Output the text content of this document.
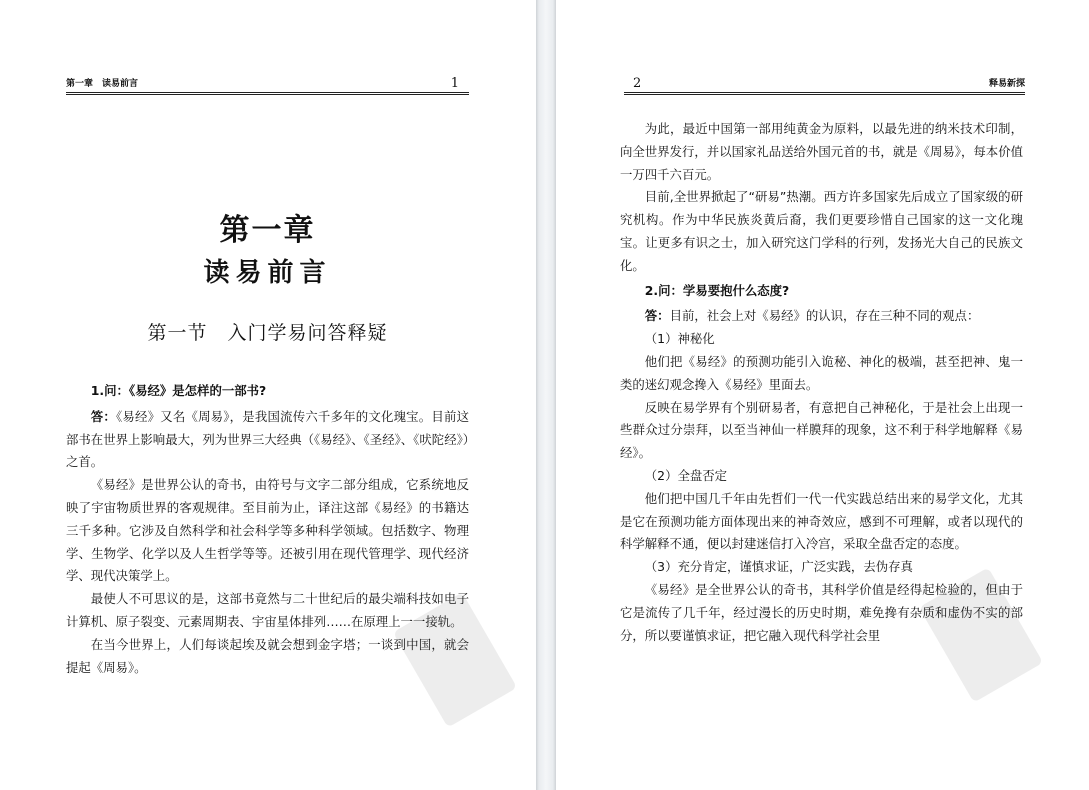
第一章　读易前言	1
第一章
读易前言
第一节　入门学易问答释疑

1.问：《易经》是怎样的一部书?

答：《易经》又名《周易》，是我国流传六千多年的文化瑰宝。目前这部书在世界上影响最大，列为世界三大经典（《易经》、《圣经》、《吠陀经》）之首。

《易经》是世界公认的奇书，由符号与文字二部分组成，它系统地反映了宇宙物质世界的客观规律。至目前为止，译注这部《易经》的书籍达三千多种。它涉及自然科学和社会科学等多种科学领域。包括数字、物理学、生物学、化学以及人生哲学等等。还被引用在现代管理学、现代经济学、现代决策学上。

最使人不可思议的是，这部书竟然与二十世纪后的最尖端科技如电子计算机、原子裂变、元素周期表、宇宙星体排列……在原理上一一接轨。

在当今世界上，人们每谈起埃及就会想到金字塔；一谈到中国，就会提起《周易》。

2	释易新探

为此，最近中国第一部用纯黄金为原料，以最先进的纳米技术印制，向全世界发行，并以国家礼品送给外国元首的书，就是《周易》，每本价值一万四千六百元。

目前,全世界掀起了“研易”热潮。西方许多国家先后成立了国家级的研究机构。作为中华民族炎黄后裔，我们更要珍惜自己国家的这一文化瑰宝。让更多有识之士，加入研究这门学科的行列，发扬光大自己的民族文化。

2.问：学易要抱什么态度?

答：目前，社会上对《易经》的认识，存在三种不同的观点：

（1）神秘化

他们把《易经》的预测功能引入诡秘、神化的极端，甚至把神、鬼一类的迷幻观念搀入《易经》里面去。

反映在易学界有个别研易者，有意把自己神秘化，于是社会上出现一些群众过分崇拜，以至当神仙一样膜拜的现象，这不利于科学地解释《易经》。

（2）全盘否定

他们把中国几千年由先哲们一代一代实践总结出来的易学文化，尤其是它在预测功能方面体现出来的神奇效应，感到不可理解，或者以现代的科学解释不通，便以封建迷信打入冷宫，采取全盘否定的态度。

（3）充分肯定，谨慎求证，广泛实践，去伪存真

《易经》是全世界公认的奇书，其科学价值是经得起检验的，但由于它是流传了几千年，经过漫长的历史时期，难免搀有杂质和虚伪不实的部分，所以要谨慎求证，把它融入现代科学社会里
